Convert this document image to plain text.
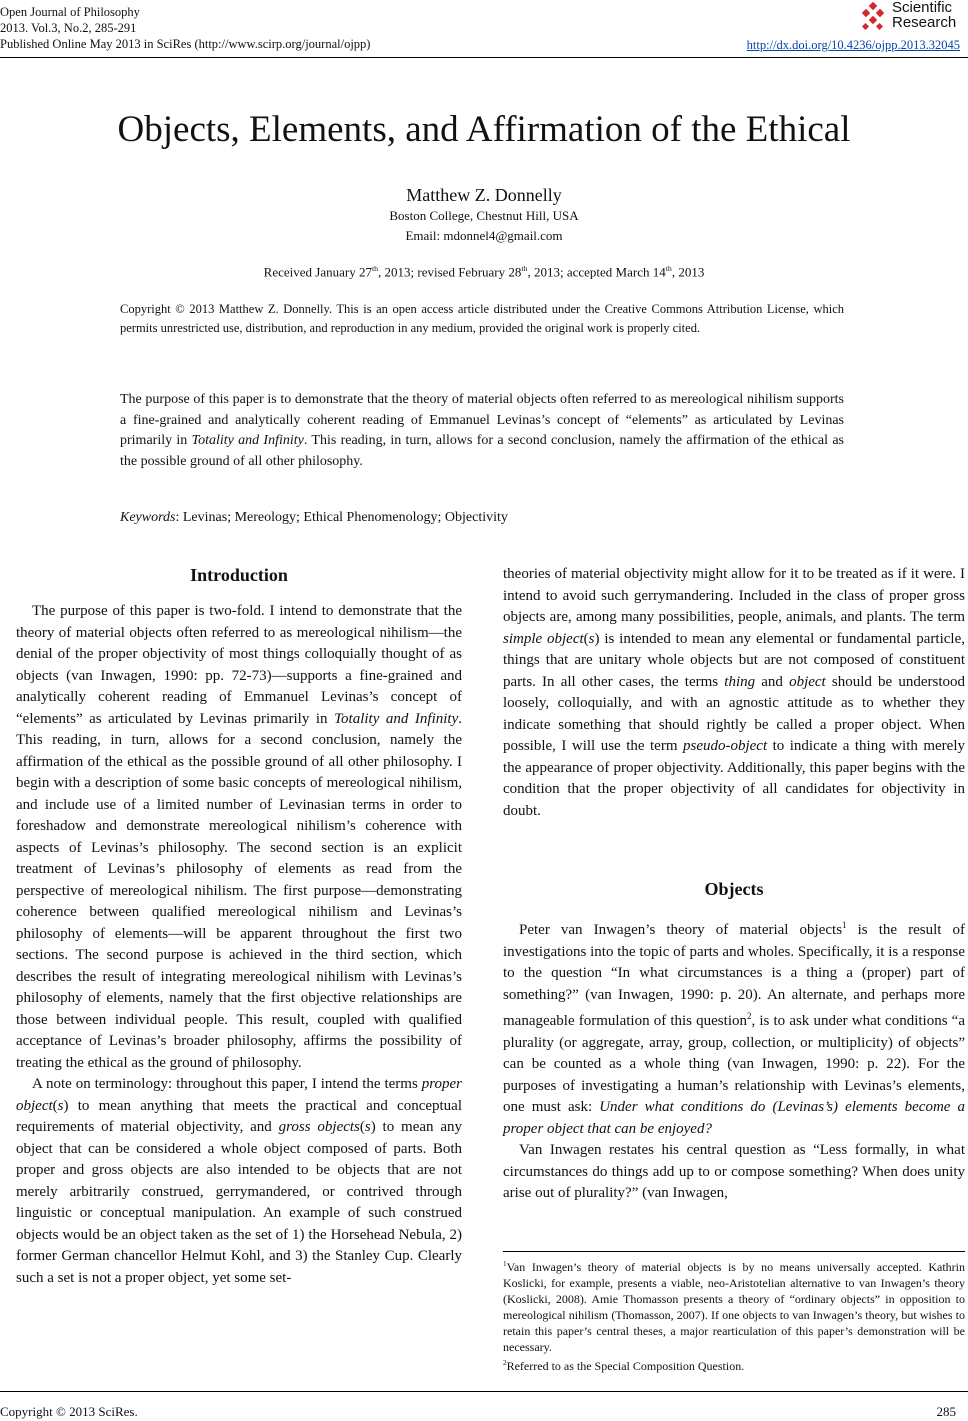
Open Journal of Philosophy
2013. Vol.3, No.2, 285-291
Published Online May 2013 in SciRes (http://www.scirp.org/journal/ojpp)
Scientific
Research
http://dx.doi.org/10.4236/ojpp.2013.32045
Objects, Elements, and Affirmation of the Ethical
Matthew Z. Donnelly
Boston College, Chestnut Hill, USA
Email: mdonnel4@gmail.com
Received January 27th, 2013; revised February 28th, 2013; accepted March 14th, 2013
Copyright © 2013 Matthew Z. Donnelly. This is an open access article distributed under the Creative Commons Attribution License, which permits unrestricted use, distribution, and reproduction in any medium, provided the original work is properly cited.
The purpose of this paper is to demonstrate that the theory of material objects often referred to as mereological nihilism supports a fine-grained and analytically coherent reading of Emmanuel Levinas’s concept of “elements” as articulated by Levinas primarily in Totality and Infinity. This reading, in turn, allows for a second conclusion, namely the affirmation of the ethical as the possible ground of all other philosophy.
Keywords: Levinas; Mereology; Ethical Phenomenology; Objectivity
Introduction

The purpose of this paper is two-fold. I intend to demonstrate that the theory of material objects often referred to as mereological nihilism—the denial of the proper objectivity of most things colloquially thought of as objects (van Inwagen, 1990: pp. 72-73)—supports a fine-grained and analytically coherent reading of Emmanuel Levinas’s concept of “elements” as articulated by Levinas primarily in Totality and Infinity. This reading, in turn, allows for a second conclusion, namely the affirmation of the ethical as the possible ground of all other philosophy. I begin with a description of some basic concepts of mereological nihilism, and include use of a limited number of Levinasian terms in order to foreshadow and demonstrate mereological nihilism’s coherence with aspects of Levinas’s philosophy. The second section is an explicit treatment of Levinas’s philosophy of elements as read from the perspective of mereological nihilism. The first purpose—demonstrating coherence between qualified mereological nihilism and Levinas’s philosophy of elements—will be apparent throughout the first two sections. The second purpose is achieved in the third section, which describes the result of integrating mereological nihilism with Levinas’s philosophy of elements, namely that the first objective relationships are those between individual people. This result, coupled with qualified acceptance of Levinas’s broader philosophy, affirms the possibility of treating the ethical as the ground of philosophy.

A note on terminology: throughout this paper, I intend the terms proper object(s) to mean anything that meets the practical and conceptual requirements of material objectivity, and gross objects(s) to mean any object that can be considered a whole object composed of parts. Both proper and gross objects are also intended to be objects that are not merely arbitrarily construed, gerrymandered, or contrived through linguistic or conceptual manipulation. An example of such construed objects would be an object taken as the set of 1) the Horsehead Nebula, 2) former German chancellor Helmut Kohl, and 3) the Stanley Cup. Clearly such a set is not a proper object, yet some set-

theories of material objectivity might allow for it to be treated as if it were. I intend to avoid such gerrymandering. Included in the class of proper gross objects are, among many possibilities, people, animals, and plants. The term simple object(s) is intended to mean any elemental or fundamental particle, things that are unitary whole objects but are not composed of constituent parts. In all other cases, the terms thing and object should be understood loosely, colloquially, and with an agnostic attitude as to whether they indicate something that should rightly be called a proper object. When possible, I will use the term pseudo-object to indicate a thing with merely the appearance of proper objectivity. Additionally, this paper begins with the condition that the proper objectivity of all candidates for objectivity in doubt.

Objects

Peter van Inwagen’s theory of material objects$^1$ is the result of investigations into the topic of parts and wholes. Specifically, it is a response to the question “In what circumstances is a thing a (proper) part of something?” (van Inwagen, 1990: p. 20). An alternate, and perhaps more manageable formulation of this question$^2$, is to ask under what conditions “a plurality (or aggregate, array, group, collection, or multiplicity) of objects” can be counted as a whole thing (van Inwagen, 1990: p. 22). For the purposes of investigating a human’s relationship with Levinas’s elements, one must ask: Under what conditions do (Levinas’s) elements become a proper object that can be enjoyed?

Van Inwagen restates his central question as “Less formally, in what circumstances do things add up to or compose something? When does unity arise out of plurality?” (van Inwagen,

$^1$Van Inwagen’s theory of material objects is by no means universally accepted. Kathrin Koslicki, for example, presents a viable, neo-Aristotelian alternative to van Inwagen’s theory (Koslicki, 2008). Amie Thomasson presents a theory of “ordinary objects” in opposition to mereological nihilism (Thomasson, 2007). If one objects to van Inwagen’s theory, but wishes to retain this paper’s central theses, a major rearticulation of this paper’s demonstration will be necessary.

$^2$Referred to as the Special Composition Question.

Copyright © 2013 SciRes.	285
